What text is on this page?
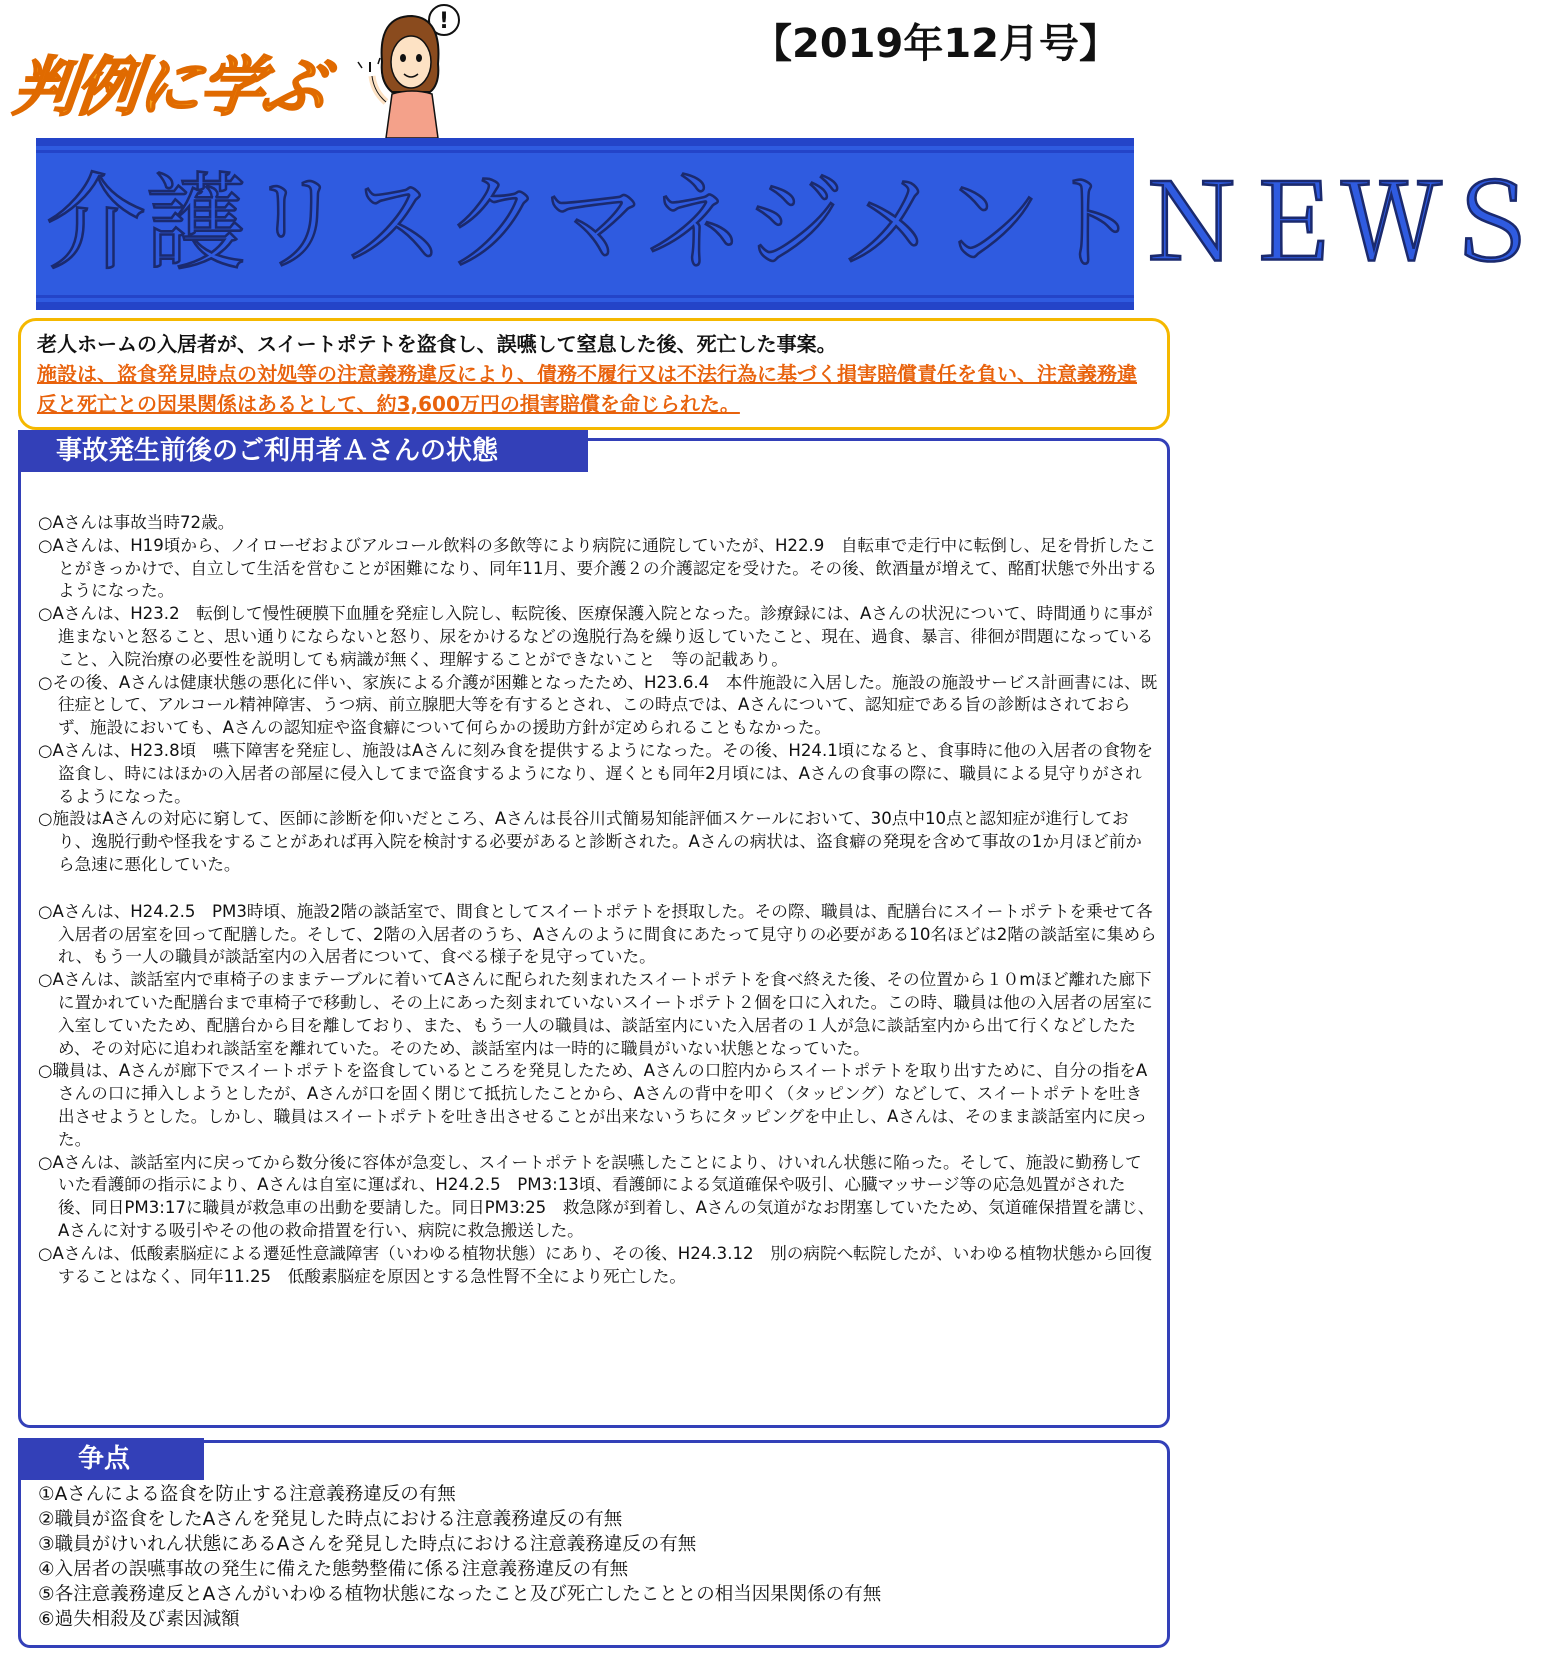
判例に学ぶ
!	【2019年12月号】
介護リスクマネジメントＮＥＷＳ
老人ホームの入居者が、スイートポテトを盗食し、誤嚥して窒息した後、死亡した事案。
施設は、盗食発見時点の対処等の注意義務違反により、債務不履行又は不法行為に基づく損害賠償責任を負い、注意義務違反と死亡との因果関係はあるとして、約3,600万円の損害賠償を命じられた。
事故発生前後のご利用者Ａさんの状態

○Aさんは事故当時72歳。

○Aさんは、H19頃から、ノイローゼおよびアルコール飲料の多飲等により病院に通院していたが、H22.9　自転車で走行中に転倒し、足を骨折したことがきっかけで、自立して生活を営むことが困難になり、同年11月、要介護２の介護認定を受けた。その後、飲酒量が増えて、酩酊状態で外出するようになった。

○Aさんは、H23.2　転倒して慢性硬膜下血腫を発症し入院し、転院後、医療保護入院となった。診療録には、Aさんの状況について、時間通りに事が進まないと怒ること、思い通りにならないと怒り、尿をかけるなどの逸脱行為を繰り返していたこと、現在、過食、暴言、徘徊が問題になっていること、入院治療の必要性を説明しても病識が無く、理解することができないこと　等の記載あり。

○その後、Aさんは健康状態の悪化に伴い、家族による介護が困難となったため、H23.6.4　本件施設に入居した。施設の施設サービス計画書には、既往症として、アルコール精神障害、うつ病、前立腺肥大等を有するとされ、この時点では、Aさんについて、認知症である旨の診断はされておらず、施設においても、Aさんの認知症や盗食癖について何らかの援助方針が定められることもなかった。

○Aさんは、H23.8頃　嚥下障害を発症し、施設はAさんに刻み食を提供するようになった。その後、H24.1頃になると、食事時に他の入居者の食物を盗食し、時にはほかの入居者の部屋に侵入してまで盗食するようになり、遅くとも同年2月頃には、Aさんの食事の際に、職員による見守りがされるようになった。

○施設はAさんの対応に窮して、医師に診断を仰いだところ、Aさんは長谷川式簡易知能評価スケールにおいて、30点中10点と認知症が進行しており、逸脱行動や怪我をすることがあれば再入院を検討する必要があると診断された。Aさんの病状は、盗食癖の発現を含めて事故の1か月ほど前から急速に悪化していた。

○Aさんは、H24.2.5　PM3時頃、施設2階の談話室で、間食としてスイートポテトを摂取した。その際、職員は、配膳台にスイートポテトを乗せて各入居者の居室を回って配膳した。そして、2階の入居者のうち、Aさんのように間食にあたって見守りの必要がある10名ほどは2階の談話室に集められ、もう一人の職員が談話室内の入居者について、食べる様子を見守っていた。

○Aさんは、談話室内で車椅子のままテーブルに着いてAさんに配られた刻まれたスイートポテトを食べ終えた後、その位置から１０mほど離れた廊下に置かれていた配膳台まで車椅子で移動し、その上にあった刻まれていないスイートポテト２個を口に入れた。この時、職員は他の入居者の居室に入室していたため、配膳台から目を離しており、また、もう一人の職員は、談話室内にいた入居者の１人が急に談話室内から出て行くなどしたため、その対応に追われ談話室を離れていた。そのため、談話室内は一時的に職員がいない状態となっていた。

○職員は、Aさんが廊下でスイートポテトを盗食しているところを発見したため、Aさんの口腔内からスイートポテトを取り出すために、自分の指をAさんの口に挿入しようとしたが、Aさんが口を固く閉じて抵抗したことから、Aさんの背中を叩く（タッピング）などして、スイートポテトを吐き出させようとした。しかし、職員はスイートポテトを吐き出させることが出来ないうちにタッピングを中止し、Aさんは、そのまま談話室内に戻った。

○Aさんは、談話室内に戻ってから数分後に容体が急変し、スイートポテトを誤嚥したことにより、けいれん状態に陥った。そして、施設に勤務していた看護師の指示により、Aさんは自室に運ばれ、H24.2.5　PM3:13頃、看護師による気道確保や吸引、心臓マッサージ等の応急処置がされた後、同日PM3:17に職員が救急車の出動を要請した。同日PM3:25　救急隊が到着し、Aさんの気道がなお閉塞していたため、気道確保措置を講じ、Aさんに対する吸引やその他の救命措置を行い、病院に救急搬送した。

○Aさんは、低酸素脳症による遷延性意識障害（いわゆる植物状態）にあり、その後、H24.3.12　別の病院へ転院したが、いわゆる植物状態から回復することはなく、同年11.25　低酸素脳症を原因とする急性腎不全により死亡した。

争点
①Aさんによる盗食を防止する注意義務違反の有無
②職員が盗食をしたAさんを発見した時点における注意義務違反の有無
③職員がけいれん状態にあるAさんを発見した時点における注意義務違反の有無
④入居者の誤嚥事故の発生に備えた態勢整備に係る注意義務違反の有無
⑤各注意義務違反とAさんがいわゆる植物状態になったこと及び死亡したこととの相当因果関係の有無
⑥過失相殺及び素因減額
